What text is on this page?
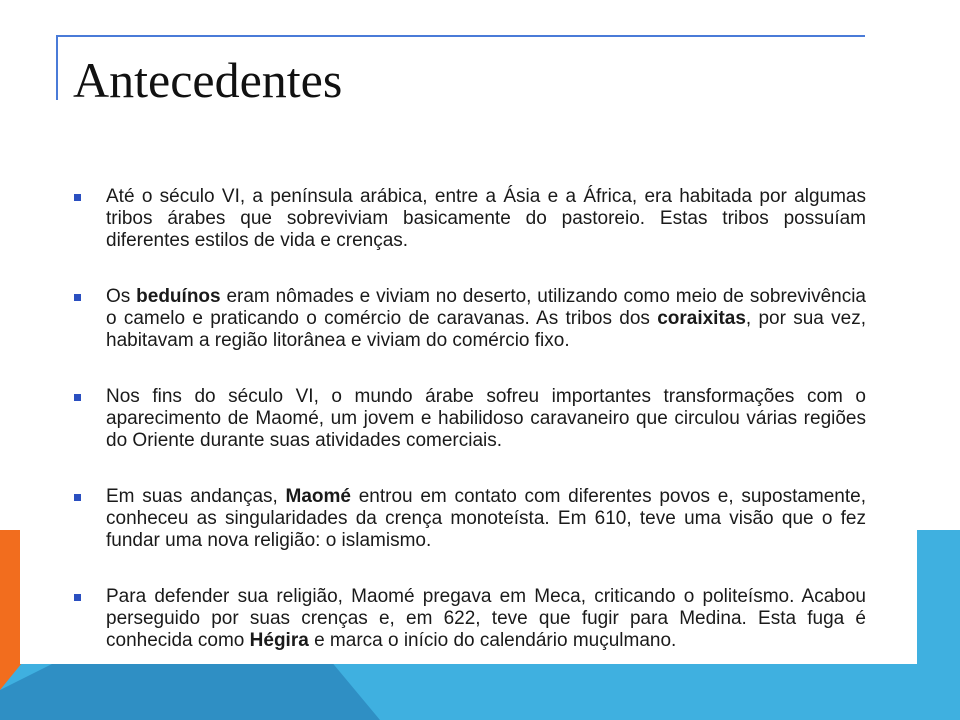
Antecedentes
Até o século VI, a península arábica, entre a Ásia e a África, era habitada por algumas tribos árabes que sobreviviam basicamente do pastoreio. Estas tribos possuíam diferentes estilos de vida e crenças.
Os beduínos eram nômades e viviam no deserto, utilizando como meio de sobrevivência o camelo e praticando o comércio de caravanas. As tribos dos coraixitas, por sua vez, habitavam a região litorânea e viviam do comércio fixo.
Nos fins do século VI, o mundo árabe sofreu importantes transformações com o aparecimento de Maomé, um jovem e habilidoso caravaneiro que circulou várias regiões do Oriente durante suas atividades comerciais.
Em suas andanças, Maomé entrou em contato com diferentes povos e, supostamente, conheceu as singularidades da crença monoteísta. Em 610, teve uma visão que o fez fundar uma nova religião: o islamismo.
Para defender sua religião, Maomé pregava em Meca, criticando o politeísmo. Acabou perseguido por suas crenças e, em 622, teve que fugir para Medina. Esta fuga é conhecida como Hégira e marca o início do calendário muçulmano.
